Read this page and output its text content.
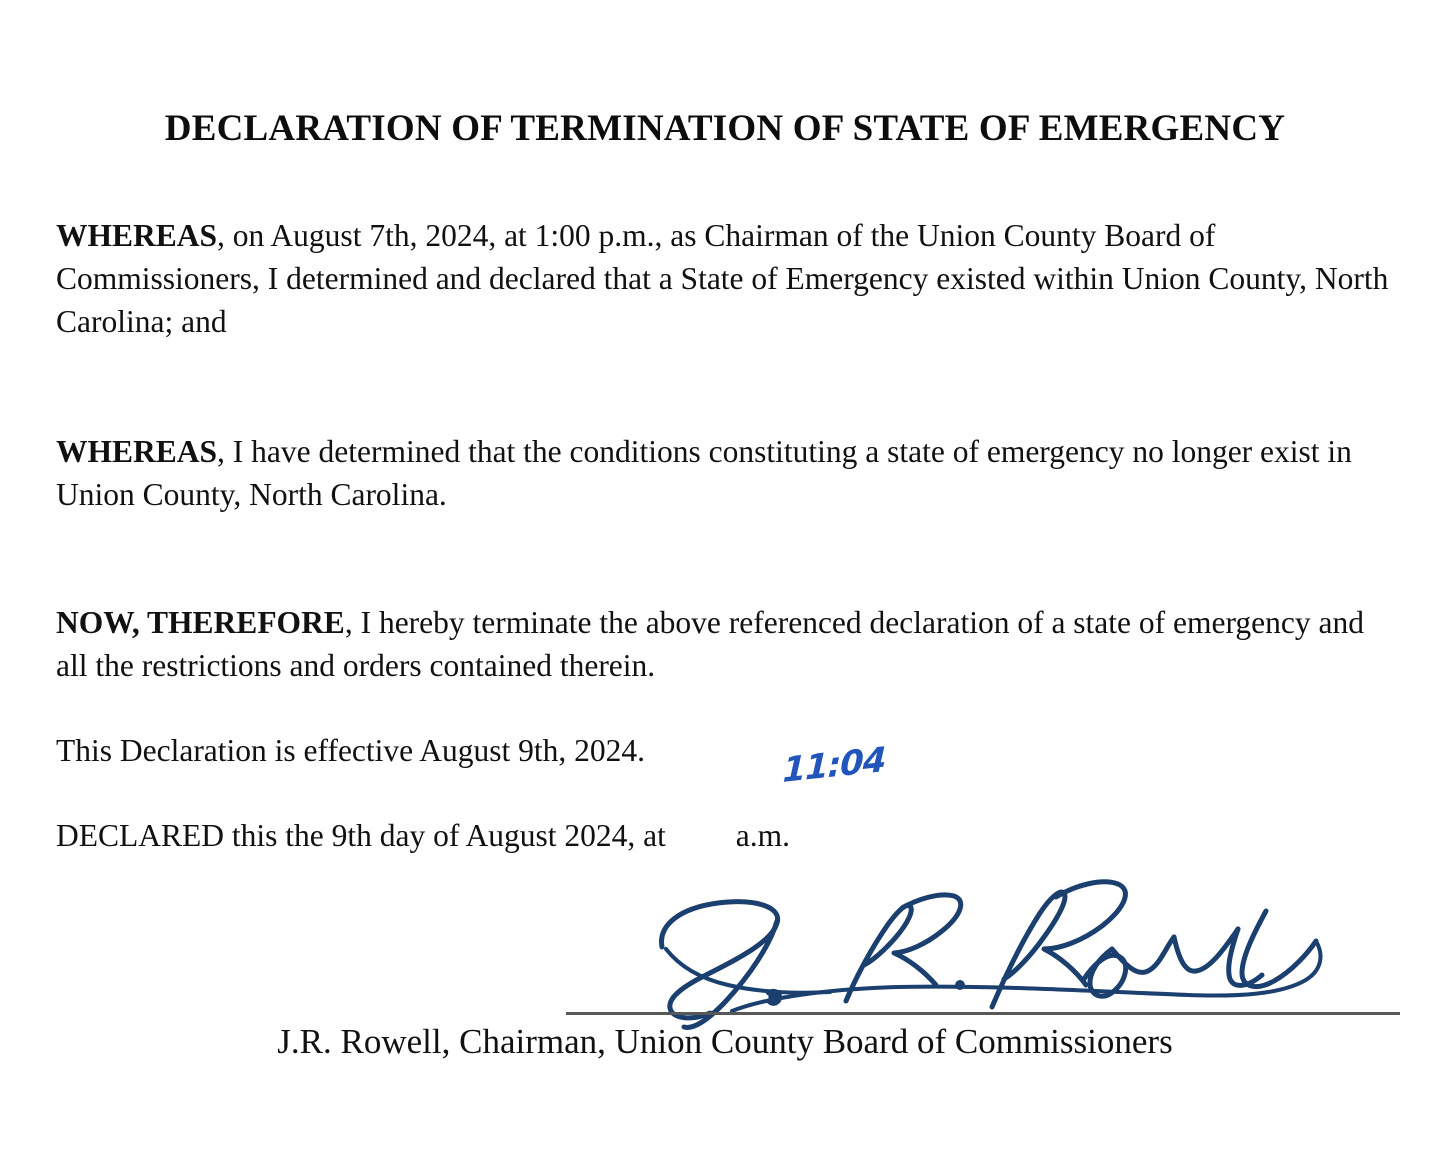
DECLARATION OF TERMINATION OF STATE OF EMERGENCY

WHEREAS, on August 7th, 2024, at 1:00 p.m., as Chairman of the Union County Board of Commissioners, I determined and declared that a State of Emergency existed within Union County, North Carolina; and

WHEREAS, I have determined that the conditions constituting a state of emergency no longer exist in Union County, North Carolina.

NOW, THEREFORE, I hereby terminate the above referenced declaration of a state of emergency and all the restrictions and orders contained therein.

This Declaration is effective August 9th, 2024.

DECLARED this the 9th day of August 2024, at a.m.

11:04
J.R. Rowell, Chairman, Union County Board of Commissioners
